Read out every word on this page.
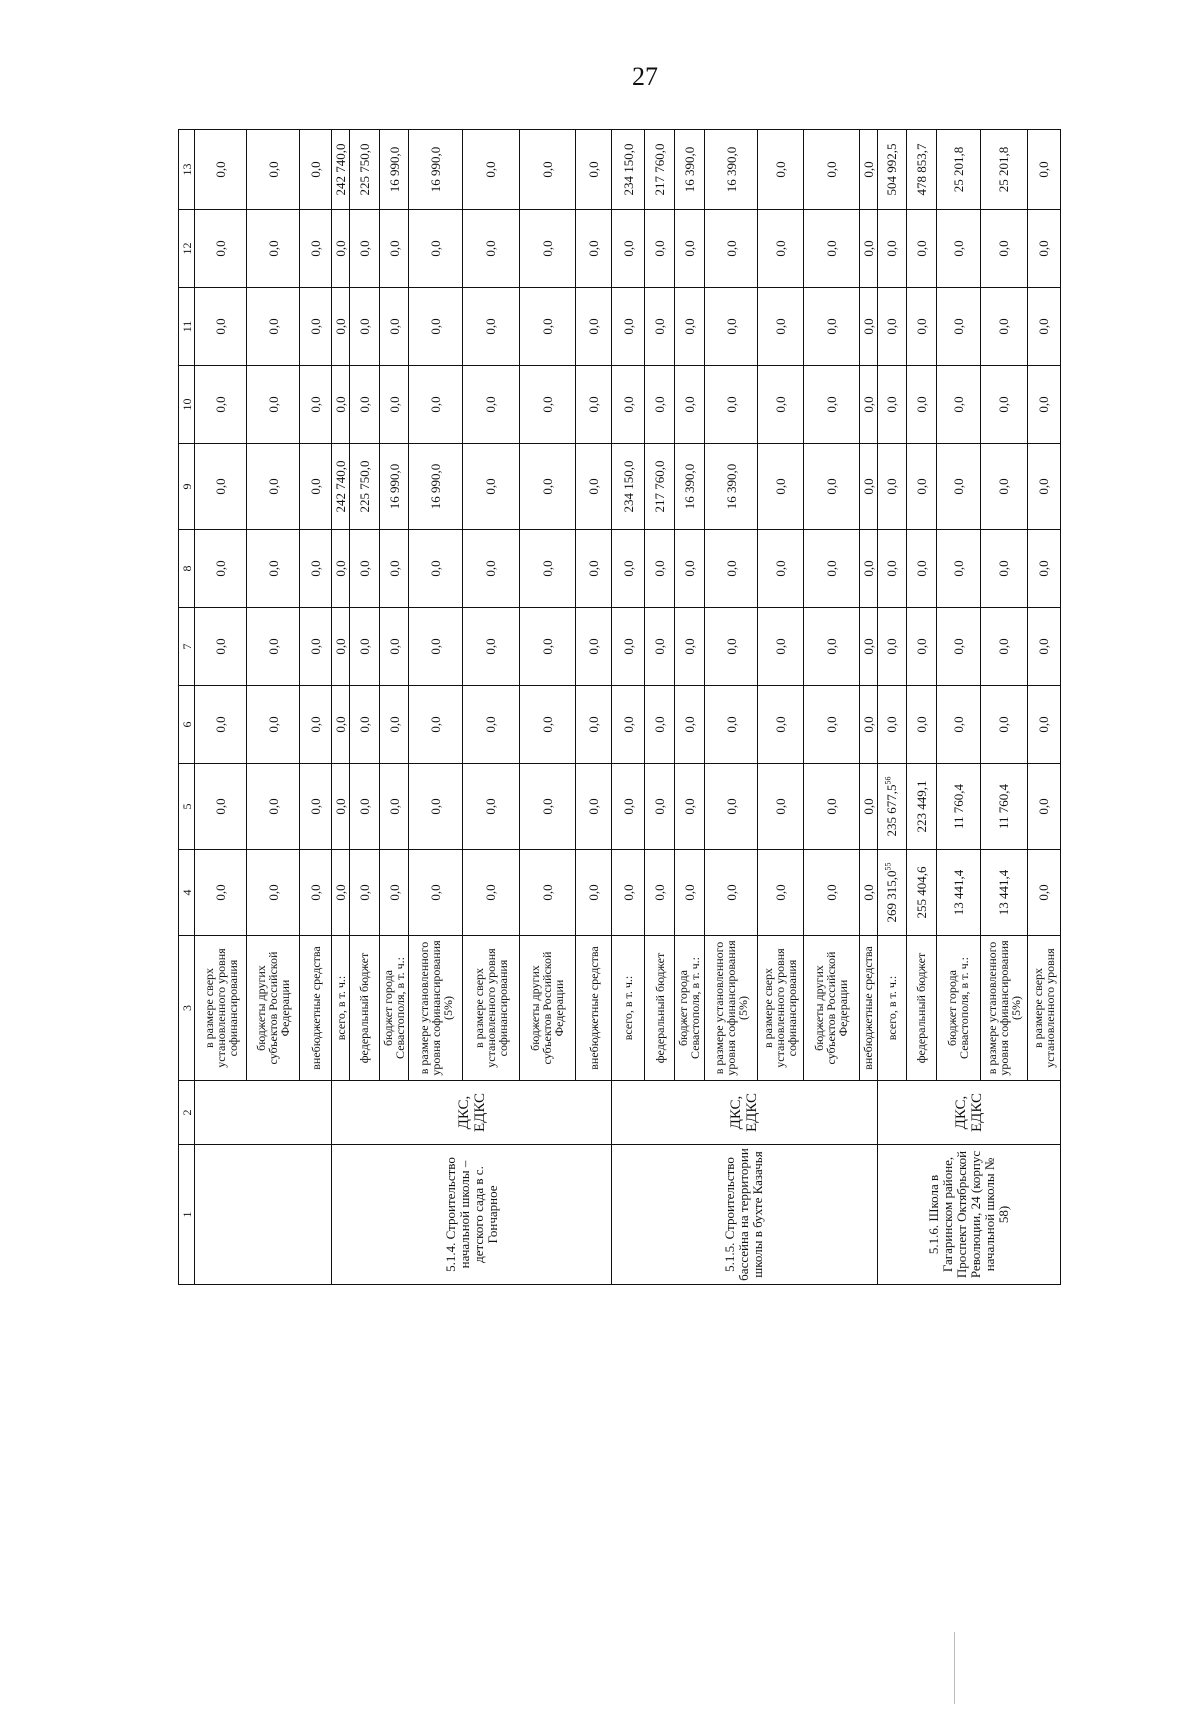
27
1	2	3	4	5	6	7	8	9	10	11	12	13
		в размере сверх установленного уровня софинансирования	0,0	0,0	0,0	0,0	0,0	0,0	0,0	0,0	0,0	0,0
		бюджеты других субъектов Российской Федерации	0,0	0,0	0,0	0,0	0,0	0,0	0,0	0,0	0,0	0,0
		внебюджетные средства	0,0	0,0	0,0	0,0	0,0	0,0	0,0	0,0	0,0	0,0
5.1.4. Строительство начальной школы – детского сада в с. Гончарное	ДКС, ЕДКС	всего, в т. ч.:	0,0	0,0	0,0	0,0	0,0	242 740,0	0,0	0,0	0,0	242 740,0
		федеральный бюджет	0,0	0,0	0,0	0,0	0,0	225 750,0	0,0	0,0	0,0	225 750,0
		бюджет города Севастополя, в т. ч.:	0,0	0,0	0,0	0,0	0,0	16 990,0	0,0	0,0	0,0	16 990,0
		в размере установленного уровня софинансирования (5%)	0,0	0,0	0,0	0,0	0,0	16 990,0	0,0	0,0	0,0	16 990,0
		в размере сверх установленного уровня софинансирования	0,0	0,0	0,0	0,0	0,0	0,0	0,0	0,0	0,0	0,0
		бюджеты других субъектов Российской Федерации	0,0	0,0	0,0	0,0	0,0	0,0	0,0	0,0	0,0	0,0
		внебюджетные средства	0,0	0,0	0,0	0,0	0,0	0,0	0,0	0,0	0,0	0,0
5.1.5. Строительство бассейна на территории школы в бухте Казачья	ДКС, ЕДКС	всего, в т. ч.:	0,0	0,0	0,0	0,0	0,0	234 150,0	0,0	0,0	0,0	234 150,0
		федеральный бюджет	0,0	0,0	0,0	0,0	0,0	217 760,0	0,0	0,0	0,0	217 760,0
		бюджет города Севастополя, в т. ч.:	0,0	0,0	0,0	0,0	0,0	16 390,0	0,0	0,0	0,0	16 390,0
		в размере установленного уровня софинансирования (5%)	0,0	0,0	0,0	0,0	0,0	16 390,0	0,0	0,0	0,0	16 390,0
		в размере сверх установленного уровня софинансирования	0,0	0,0	0,0	0,0	0,0	0,0	0,0	0,0	0,0	0,0
		бюджеты других субъектов Российской Федерации	0,0	0,0	0,0	0,0	0,0	0,0	0,0	0,0	0,0	0,0
		внебюджетные средства	0,0	0,0	0,0	0,0	0,0	0,0	0,0	0,0	0,0	0,0
5.1.6. Школа в Гагаринском районе, Проспект Октябрьской Революции, 24 (корпус начальной школы № 58)	ДКС, ЕДКС	всего, в т. ч.:	269 315,0$^{55}$	235 677,5$^{56}$	0,0	0,0	0,0	0,0	0,0	0,0	0,0	504 992,5
		федеральный бюджет	255 404,6	223 449,1	0,0	0,0	0,0	0,0	0,0	0,0	0,0	478 853,7
		бюджет города Севастополя, в т. ч.:	13 441,4	11 760,4	0,0	0,0	0,0	0,0	0,0	0,0	0,0	25 201,8
		в размере установленного уровня софинансирования (5%)	13 441,4	11 760,4	0,0	0,0	0,0	0,0	0,0	0,0	0,0	25 201,8
		в размере сверх установленного уровня	0,0	0,0	0,0	0,0	0,0	0,0	0,0	0,0	0,0	0,0
